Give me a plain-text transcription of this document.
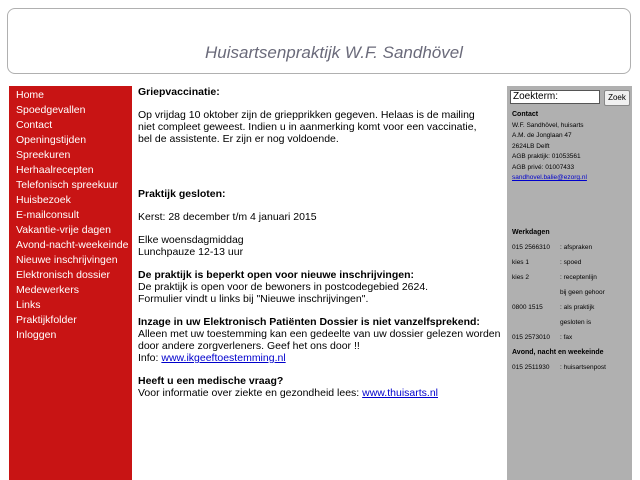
Huisartsenpraktijk W.F. Sandhövel
Home
Spoedgevallen
Contact
Openingstijden
Spreekuren
Herhaalrecepten
Telefonisch spreekuur
Huisbezoek
E-mailconsult
Vakantie-vrije dagen
Avond-nacht-weekeinde
Nieuwe inschrijvingen
Elektronisch dossier
Medewerkers
Links
Praktijkfolder
Inloggen

Griepvaccinatie:

Op vrijdag 10 oktober zijn de griepprikken gegeven. Helaas is de mailing

niet compleet geweest. Indien u in aanmerking komt voor een vaccinatie,

bel de assistente. Er zijn er nog voldoende.

Praktijk gesloten:

Kerst: 28 december t/m 4 januari 2015

Elke woensdagmiddag

Lunchpauze 12-13 uur

De praktijk is beperkt open voor nieuwe inschrijvingen:

De praktijk is open voor de bewoners in postcodegebied 2624.

Formulier vindt u links bij "Nieuwe inschrijvingen".

Inzage in uw Elektronisch Patiënten Dossier is niet vanzelfsprekend:

Alleen met uw toestemming kan een gedeelte van uw dossier gelezen worden

door andere zorgverleners. Geef het ons door !!

Info: www.ikgeeftoestemming.nl

Heeft u een medische vraag?

Voor informatie over ziekte en gezondheid lees: www.thuisarts.nl

Zoekterm:	Zoek
Contact
W.F. Sandhövel, huisarts
A.M. de Jonglaan 47
2624LB Delft
AGB praktijk: 01053561
AGB privé: 01007433
sandhovel.balie@ezorg.nl
Werkdagen
015 2566310 : afspraken
kies 1	: spoed
kies 2	: receptenlijn
bij geen gehoor
0800 1515	: als praktijk
gesloten is
015 2573010 : fax
Avond, nacht en weekeinde
015 2511930 : huisartsenpost
